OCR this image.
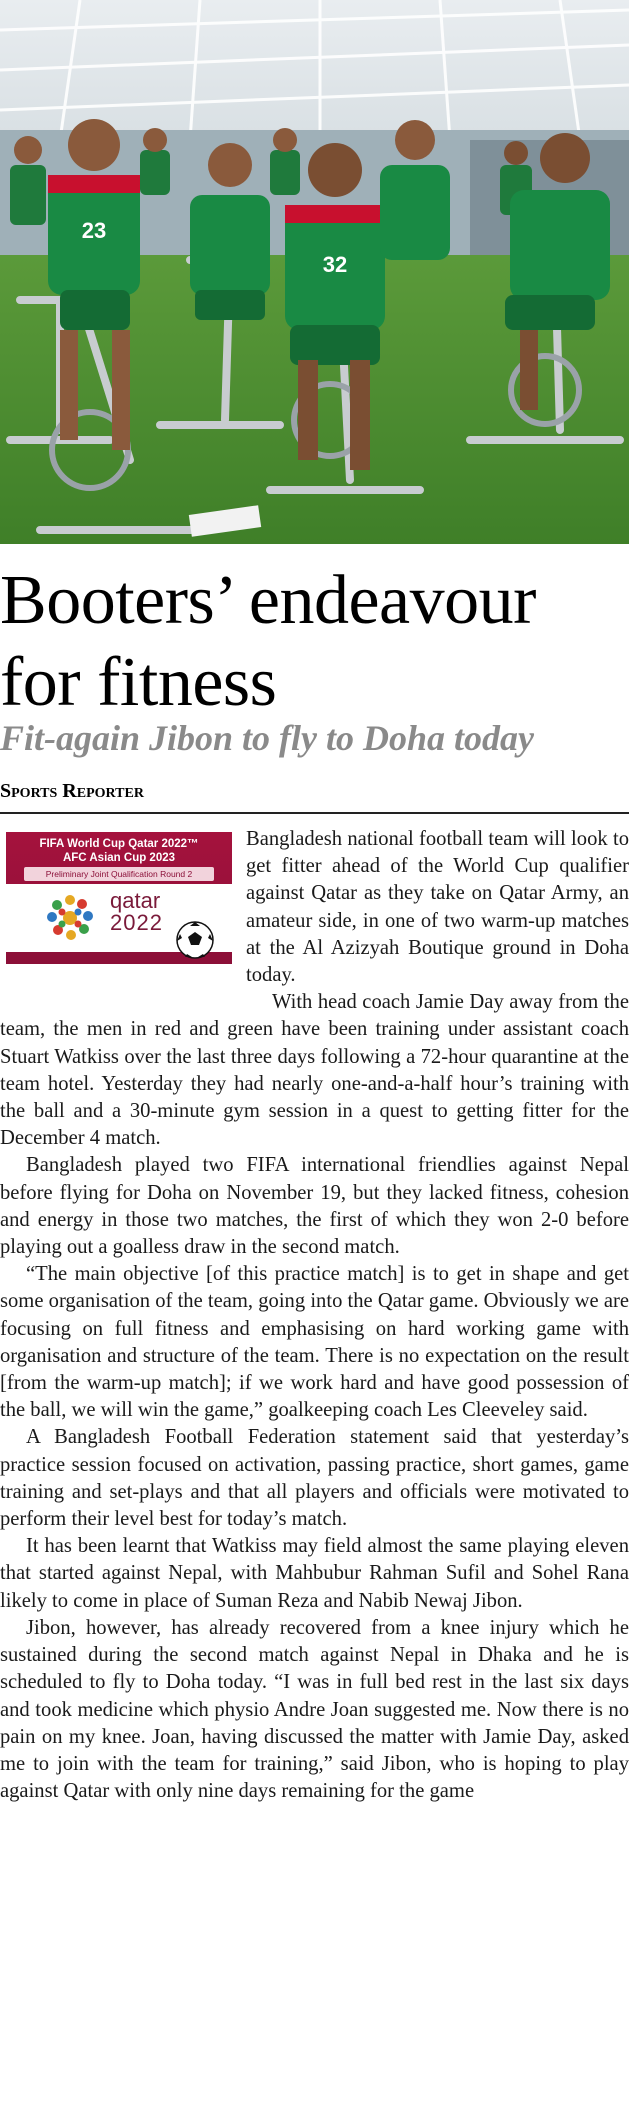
23
32
Booters’ endeavour for fitness
Fit-again Jibon to fly to Doha today
Sports Reporter
FIFA World Cup Qatar 2022™
AFC Asian Cup 2023
Preliminary Joint Qualification Round 2
qatar
2022

Bangladesh national football team will look to get fitter ahead of the World Cup qualifier against Qatar as they take on Qatar Army, an amateur side, in one of two warm-up matches at the Al Azizyah Boutique ground in Doha today.

With head coach Jamie Day away from the team, the men in red and green have been training under assistant coach Stuart Watkiss over the last three days following a 72-hour quarantine at the team hotel. Yesterday they had nearly one-and-a-half hour’s training with the ball and a 30-minute gym session in a quest to getting fitter for the December 4 match.

Bangladesh played two FIFA international friendlies against Nepal before flying for Doha on November 19, but they lacked fitness, cohesion and energy in those two matches, the first of which they won 2-0 before playing out a goalless draw in the second match.

“The main objective [of this practice match] is to get in shape and get some organisation of the team, going into the Qatar game. Obviously we are focusing on full fitness and emphasising on hard working game with organisation and structure of the team. There is no expectation on the result [from the warm-up match]; if we work hard and have good possession of the ball, we will win the game,” goalkeeping coach Les Cleeveley said.

A Bangladesh Football Federation statement said that yesterday’s practice session focused on activation, passing practice, short games, game training and set-plays and that all players and officials were motivated to perform their level best for today’s match.

It has been learnt that Watkiss may field almost the same playing eleven that started against Nepal, with Mahbubur Rahman Sufil and Sohel Rana likely to come in place of Suman Reza and Nabib Newaj Jibon.

Jibon, however, has already recovered from a knee injury which he sustained during the second match against Nepal in Dhaka and he is scheduled to fly to Doha today. “I was in full bed rest in the last six days and took medicine which physio Andre Joan suggested me. Now there is no pain on my knee. Joan, having discussed the matter with Jamie Day, asked me to join with the team for training,” said Jibon, who is hoping to play against Qatar with only nine days remaining for the game
